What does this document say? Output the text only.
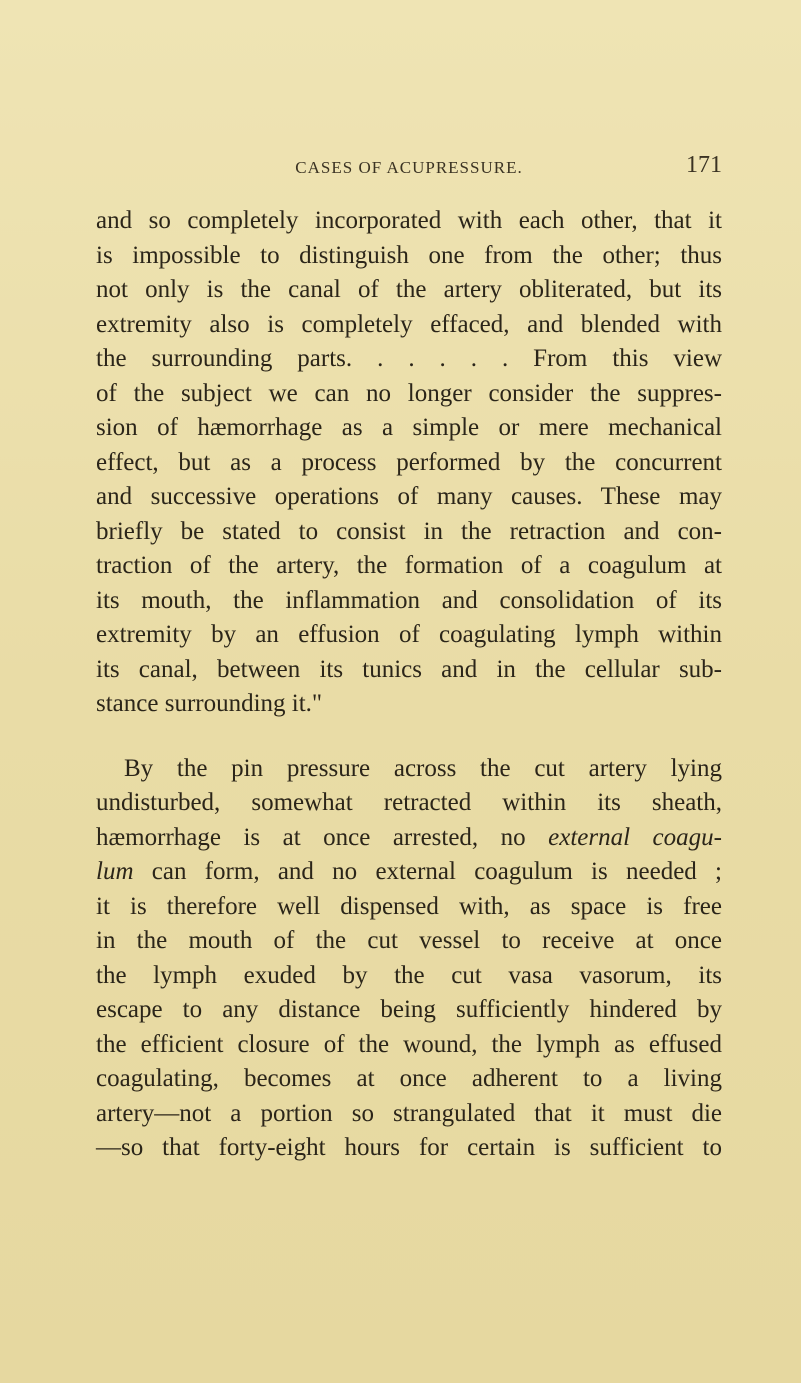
CASES OF ACUPRESSURE.	171
and so completely incorporated with each other, that it
is impossible to distinguish one from the other; thus
not only is the canal of the artery obliterated, but its
extremity also is completely effaced, and blended with
the surrounding parts. . . . . . From this view
of the subject we can no longer consider the suppres-
sion of hæmorrhage as a simple or mere mechanical
effect, but as a process performed by the concurrent
and successive operations of many causes. These may
briefly be stated to consist in the retraction and con-
traction of the artery, the formation of a coagulum at
its mouth, the inflammation and consolidation of its
extremity by an effusion of coagulating lymph within
its canal, between its tunics and in the cellular sub-
stance surrounding it."
By the pin pressure across the cut artery lying
undisturbed, somewhat retracted within its sheath,
hæmorrhage is at once arrested, no external coagu-
lum can form, and no external coagulum is needed ;
it is therefore well dispensed with, as space is free
in the mouth of the cut vessel to receive at once
the lymph exuded by the cut vasa vasorum, its
escape to any distance being sufficiently hindered by
the efficient closure of the wound, the lymph as effused
coagulating, becomes at once adherent to a living
artery—not a portion so strangulated that it must die
—so that forty-eight hours for certain is sufficient to
